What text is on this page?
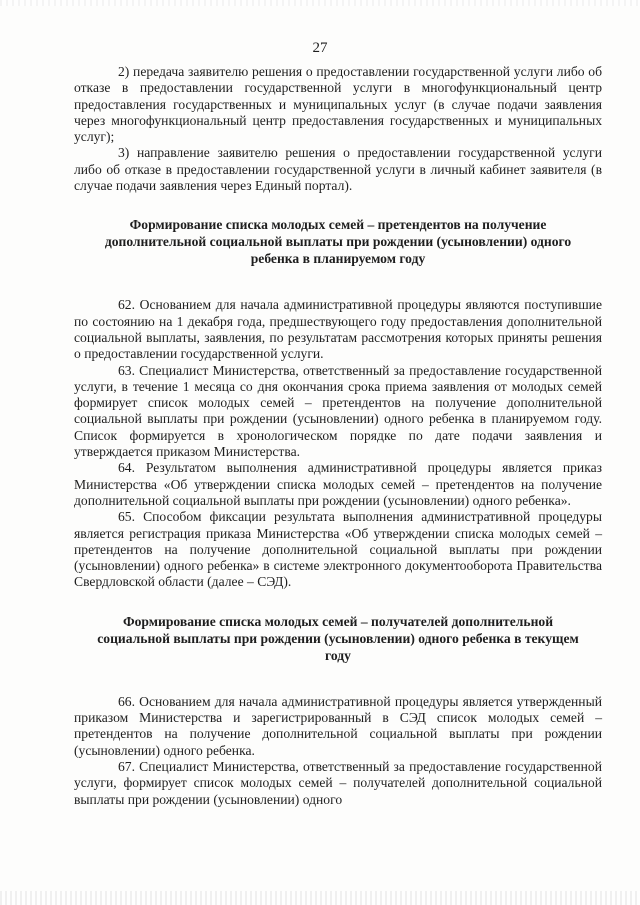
27

2) передача заявителю решения о предоставлении государственной услуги либо об отказе в предоставлении государственной услуги в многофункциональный центр предоставления государственных и муниципальных услуг (в случае подачи заявления через многофункциональный центр предоставления государственных и муниципальных услуг);

3) направление заявителю решения о предоставлении государственной услуги либо об отказе в предоставлении государственной услуги в личный кабинет заявителя (в случае подачи заявления через Единый портал).

Формирование списка молодых семей – претендентов на получение дополнительной социальной выплаты при рождении (усыновлении) одного ребенка в планируемом году

62. Основанием для начала административной процедуры являются поступившие по состоянию на 1 декабря года, предшествующего году предоставления дополнительной социальной выплаты, заявления, по результатам рассмотрения которых приняты решения о предоставлении государственной услуги.

63. Специалист Министерства, ответственный за предоставление государственной услуги, в течение 1 месяца со дня окончания срока приема заявления от молодых семей формирует список молодых семей – претендентов на получение дополнительной социальной выплаты при рождении (усыновлении) одного ребенка в планируемом году. Список формируется в хронологическом порядке по дате подачи заявления и утверждается приказом Министерства.

64. Результатом выполнения административной процедуры является приказ Министерства «Об утверждении списка молодых семей – претендентов на получение дополнительной социальной выплаты при рождении (усыновлении) одного ребенка».

65. Способом фиксации результата выполнения административной процедуры является регистрация приказа Министерства «Об утверждении списка молодых семей – претендентов на получение дополнительной социальной выплаты при рождении (усыновлении) одного ребенка» в системе электронного документооборота Правительства Свердловской области (далее – СЭД).

Формирование списка молодых семей – получателей дополнительной социальной выплаты при рождении (усыновлении) одного ребенка в текущем году

66. Основанием для начала административной процедуры является утвержденный приказом Министерства и зарегистрированный в СЭД список молодых семей – претендентов на получение дополнительной социальной выплаты при рождении (усыновлении) одного ребенка.

67. Специалист Министерства, ответственный за предоставление государственной услуги, формирует список молодых семей – получателей дополнительной социальной выплаты при рождении (усыновлении) одного
